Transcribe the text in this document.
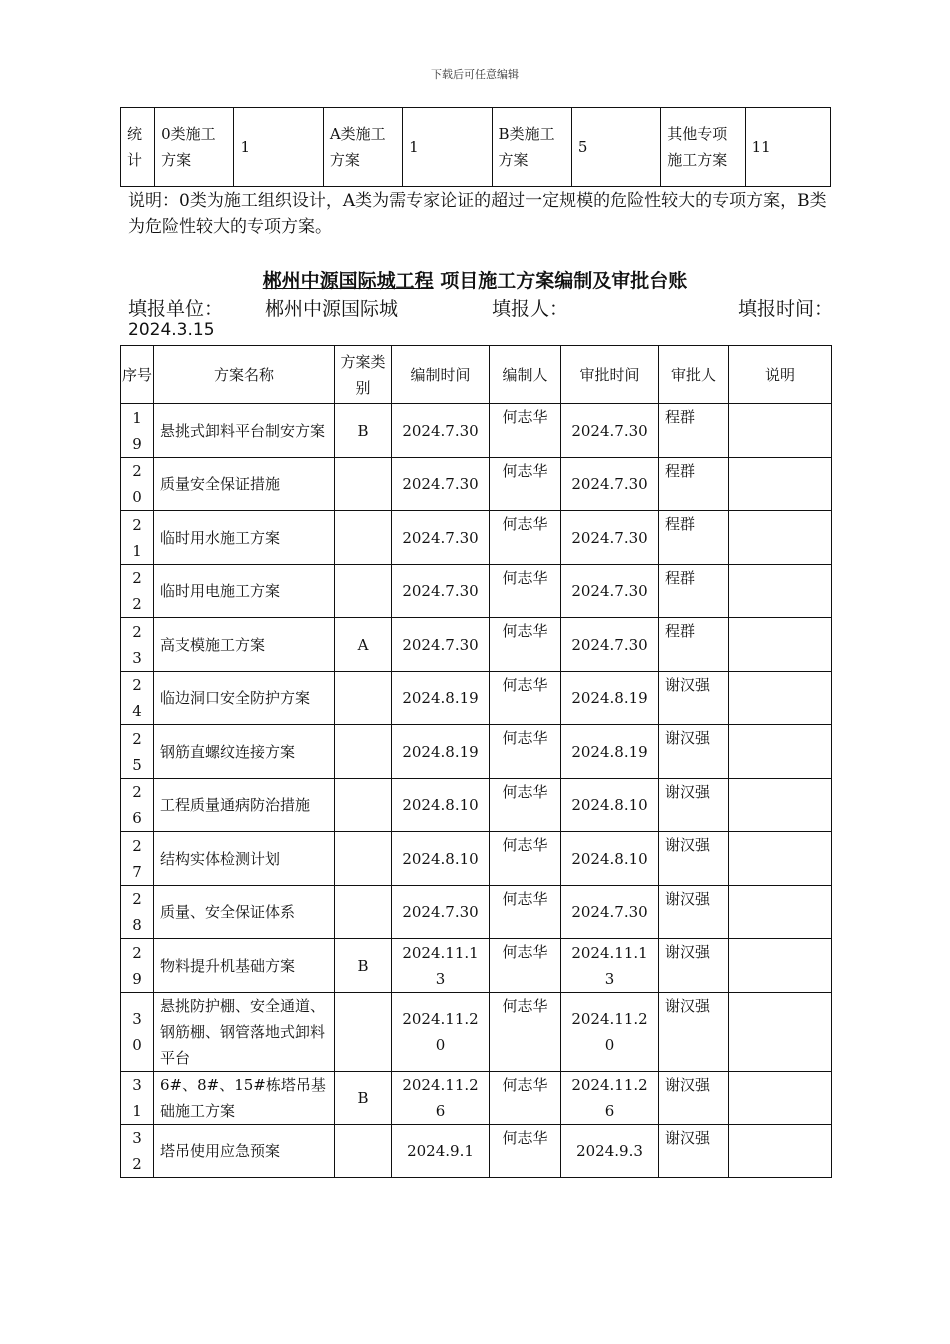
下载后可任意编辑
统计	0类施工方案	1	A类施工方案	1	B类施工方案	5	其他专项施工方案	11
说明：0类为施工组织设计，A类为需专家论证的超过一定规模的危险性较大的专项方案，B类为危险性较大的专项方案。
郴州中源国际城工程 项目施工方案编制及审批台账
填报单位： 郴州中源国际城	填报人：	填报时间：
2024.3.15
序号	方案名称	方案类别	编制时间	编制人	审批时间	审批人	说明
19	悬挑式卸料平台制安方案	B	2024.7.30	何志华	2024.7.30	程群	
20	质量安全保证措施		2024.7.30	何志华	2024.7.30	程群	
21	临时用水施工方案		2024.7.30	何志华	2024.7.30	程群	
22	临时用电施工方案		2024.7.30	何志华	2024.7.30	程群	
23	高支模施工方案	A	2024.7.30	何志华	2024.7.30	程群	
24	临边洞口安全防护方案		2024.8.19	何志华	2024.8.19	谢汉强	
25	钢筋直螺纹连接方案		2024.8.19	何志华	2024.8.19	谢汉强	
26	工程质量通病防治措施		2024.8.10	何志华	2024.8.10	谢汉强	
27	结构实体检测计划		2024.8.10	何志华	2024.8.10	谢汉强	
28	质量、安全保证体系		2024.7.30	何志华	2024.7.30	谢汉强	
29	物料提升机基础方案	B	2024.11.13	何志华	2024.11.13	谢汉强	
30	悬挑防护棚、安全通道、钢筋棚、钢管落地式卸料平台		2024.11.20	何志华	2024.11.20	谢汉强	
31	6#、8#、15#栋塔吊基础施工方案	B	2024.11.26	何志华	2024.11.26	谢汉强	
32	塔吊使用应急预案		2024.9.1	何志华	2024.9.3	谢汉强	
